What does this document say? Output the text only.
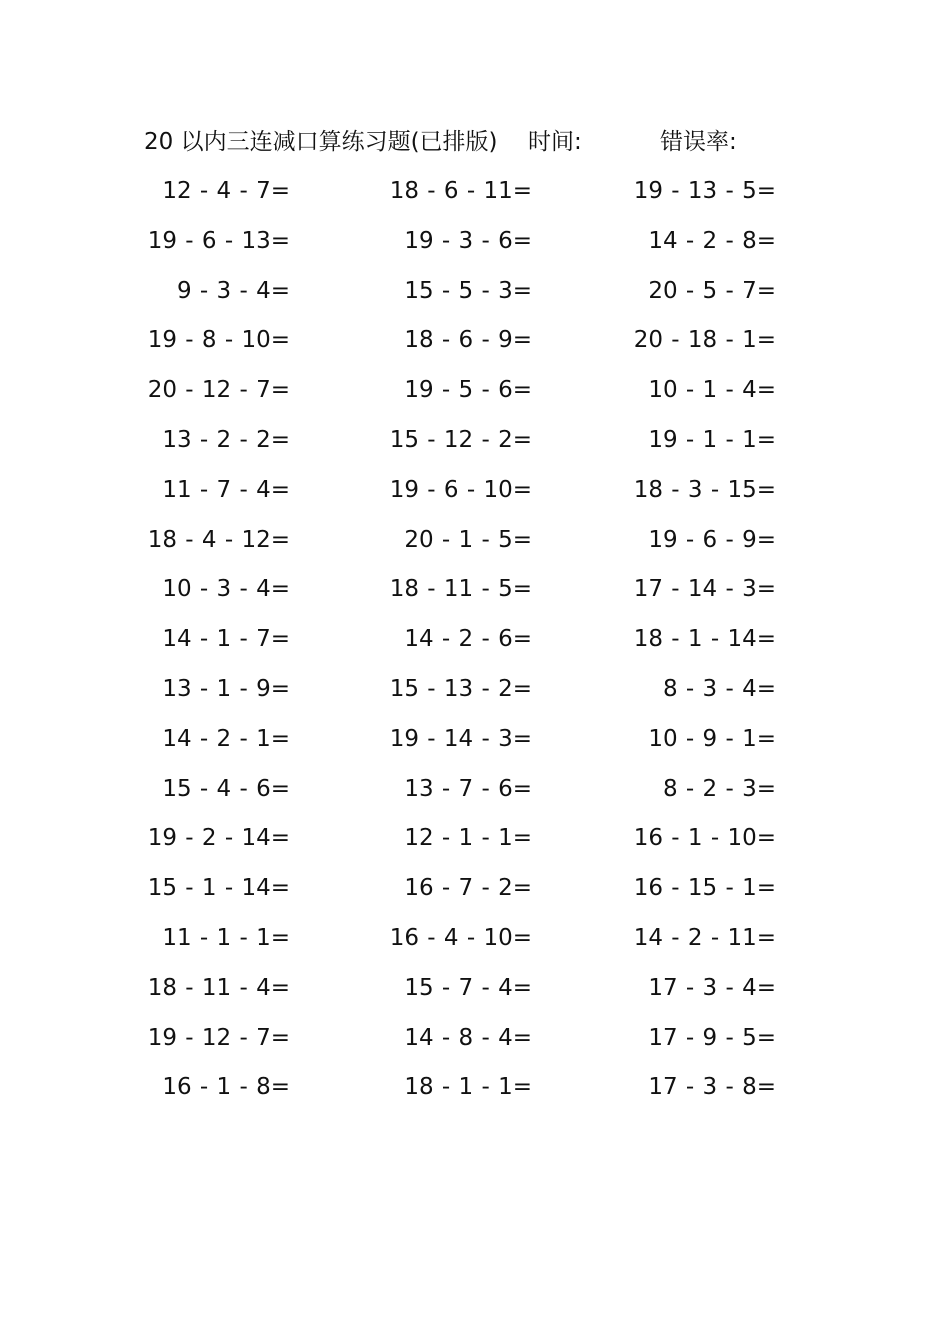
20 以内三连减口算练习题(已排版) 时间:	错误率:
12 - 4 - 7=	18 - 6 - 11=	19 - 13 - 5=
19 - 6 - 13=	19 - 3 - 6=	14 - 2 - 8=
9 - 3 - 4=	15 - 5 - 3=	20 - 5 - 7=
19 - 8 - 10=	18 - 6 - 9=	20 - 18 - 1=
20 - 12 - 7=	19 - 5 - 6=	10 - 1 - 4=
13 - 2 - 2=	15 - 12 - 2=	19 - 1 - 1=
11 - 7 - 4=	19 - 6 - 10=	18 - 3 - 15=
18 - 4 - 12=	20 - 1 - 5=	19 - 6 - 9=
10 - 3 - 4=	18 - 11 - 5=	17 - 14 - 3=
14 - 1 - 7=	14 - 2 - 6=	18 - 1 - 14=
13 - 1 - 9=	15 - 13 - 2=	8 - 3 - 4=
14 - 2 - 1=	19 - 14 - 3=	10 - 9 - 1=
15 - 4 - 6=	13 - 7 - 6=	8 - 2 - 3=
19 - 2 - 14=	12 - 1 - 1=	16 - 1 - 10=
15 - 1 - 14=	16 - 7 - 2=	16 - 15 - 1=
11 - 1 - 1=	16 - 4 - 10=	14 - 2 - 11=
18 - 11 - 4=	15 - 7 - 4=	17 - 3 - 4=
19 - 12 - 7=	14 - 8 - 4=	17 - 9 - 5=
16 - 1 - 8=	18 - 1 - 1=	17 - 3 - 8=
